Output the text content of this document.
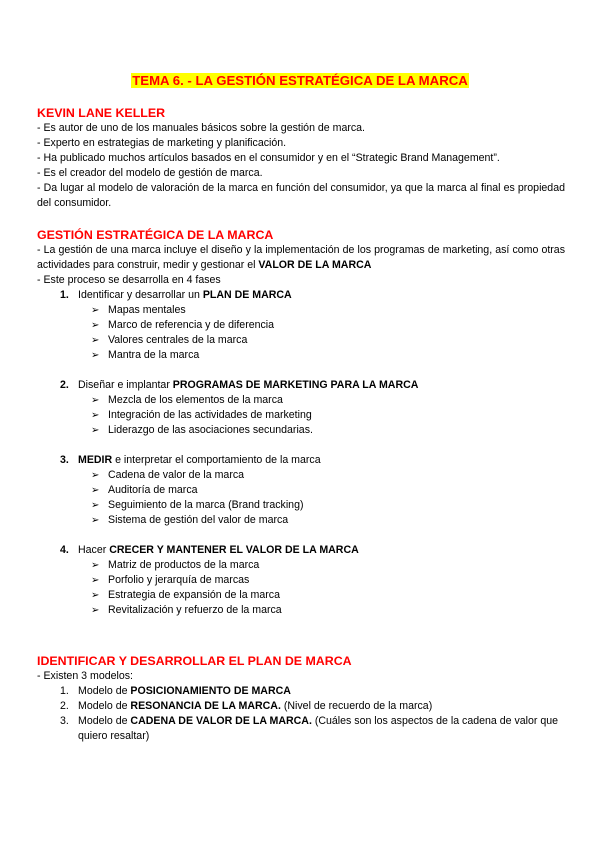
TEMA 6. - LA GESTIÓN ESTRATÉGICA DE LA MARCA
KEVIN LANE KELLER
- Es autor de uno de los manuales básicos sobre la gestión de marca.
- Experto en estrategias de marketing y planificación.
- Ha publicado muchos artículos basados en el consumidor y en el “Strategic Brand Management”.
- Es el creador del modelo de gestión de marca.
- Da lugar al modelo de valoración de la marca en función del consumidor, ya que la marca al final es propiedad del consumidor.
GESTIÓN ESTRATÉGICA DE LA MARCA
- La gestión de una marca incluye el diseño y la implementación de los programas de marketing, así como otras actividades para construir, medir y gestionar el VALOR DE LA MARCA
- Este proceso se desarrolla en 4 fases
1. Identificar y desarrollar un PLAN DE MARCA
➢ Mapas mentales
➢ Marco de referencia y de diferencia
➢ Valores centrales de la marca
➢ Mantra de la marca
2. Diseñar e implantar PROGRAMAS DE MARKETING PARA LA MARCA
➢ Mezcla de los elementos de la marca
➢ Integración de las actividades de marketing
➢ Liderazgo de las asociaciones secundarias.
3. MEDIR e interpretar el comportamiento de la marca
➢ Cadena de valor de la marca
➢ Auditoría de marca
➢ Seguimiento de la marca (Brand tracking)
➢ Sistema de gestión del valor de marca
4. Hacer CRECER Y MANTENER EL VALOR DE LA MARCA
➢ Matriz de productos de la marca
➢ Porfolio y jerarquía de marcas
➢ Estrategia de expansión de la marca
➢ Revitalización y refuerzo de la marca
IDENTIFICAR Y DESARROLLAR EL PLAN DE MARCA
- Existen 3 modelos:
1. Modelo de POSICIONAMIENTO DE MARCA
2. Modelo de RESONANCIA DE LA MARCA. (Nivel de recuerdo de la marca)
3. Modelo de CADENA DE VALOR DE LA MARCA. (Cuáles son los aspectos de la cadena de valor que quiero resaltar)
